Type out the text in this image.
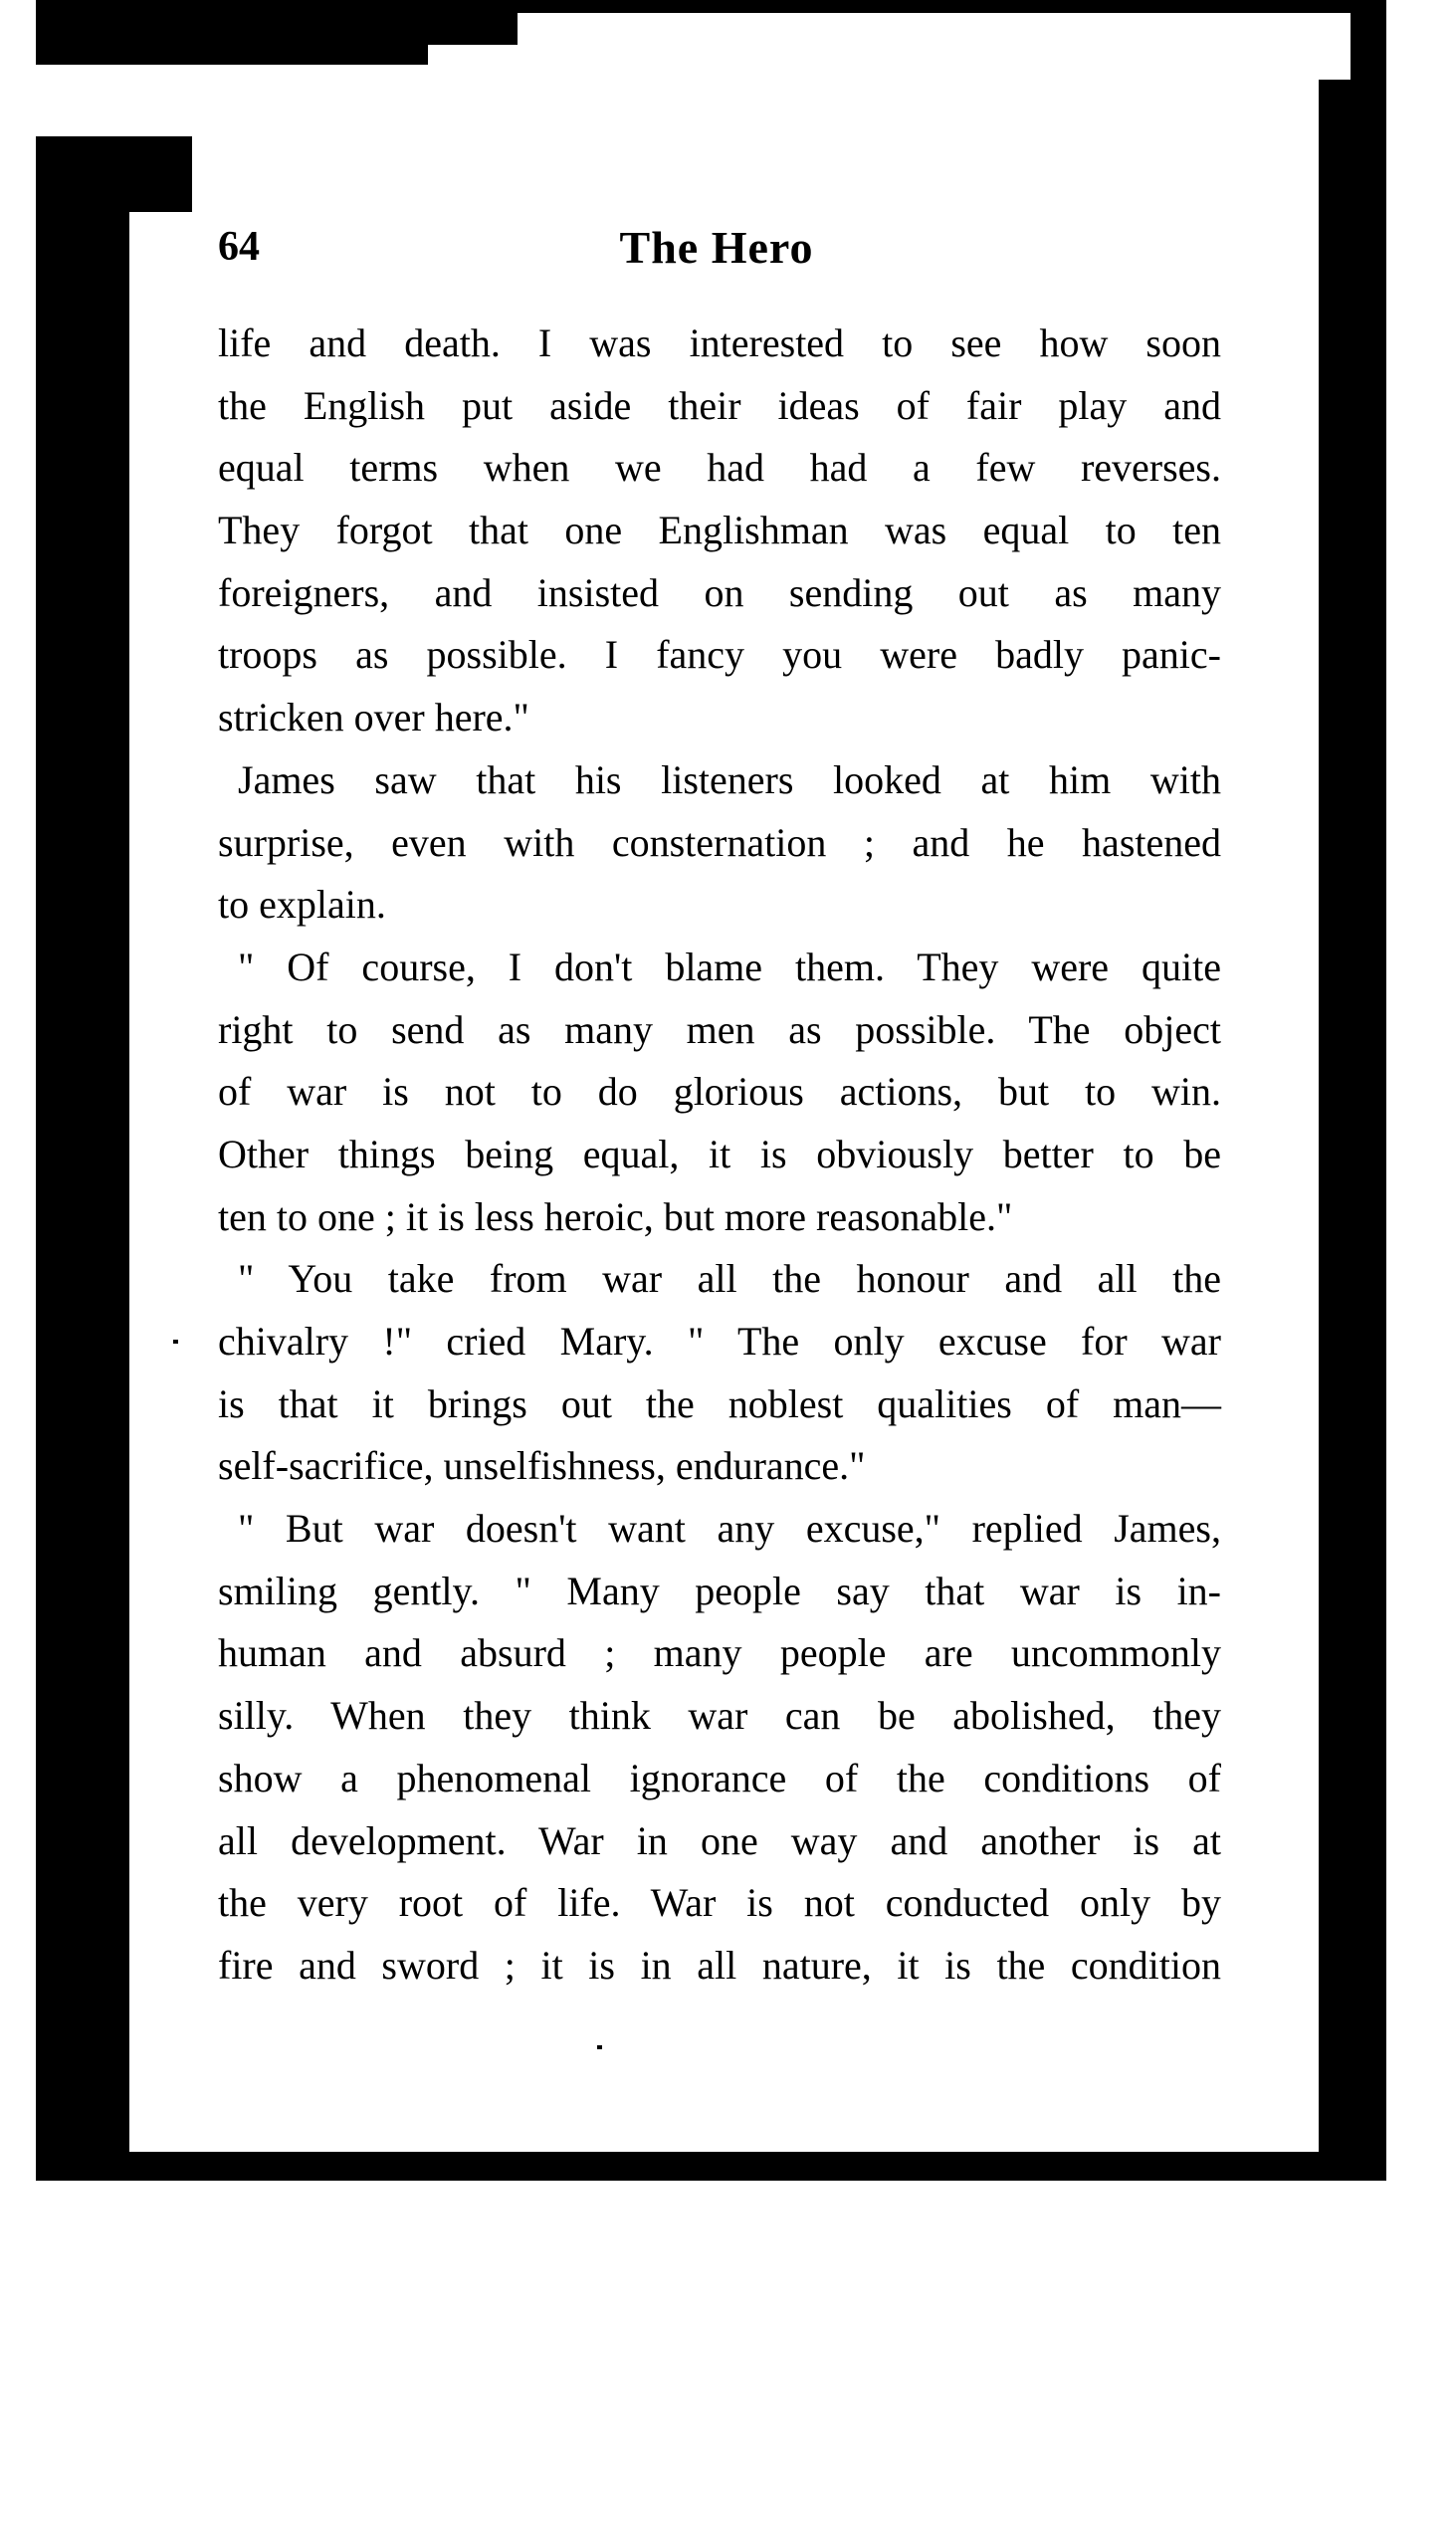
64	The Hero
life and death. I was interested to see how soon
the English put aside their ideas of fair play and
equal terms when we had had a few reverses.
They forgot that one Englishman was equal to ten
foreigners, and insisted on sending out as many
troops as possible. I fancy you were badly panic-
stricken over here."
James saw that his listeners looked at him with
surprise, even with consternation ; and he hastened
to explain.
" Of course, I don't blame them. They were quite
right to send as many men as possible. The object
of war is not to do glorious actions, but to win.
Other things being equal, it is obviously better to be
ten to one ; it is less heroic, but more reasonable."
" You take from war all the honour and all the
chivalry !" cried Mary. " The only excuse for war
is that it brings out the noblest qualities of man—
self-sacrifice, unselfishness, endurance."
" But war doesn't want any excuse," replied James,
smiling gently. " Many people say that war is in-
human and absurd ; many people are uncommonly
silly. When they think war can be abolished, they
show a phenomenal ignorance of the conditions of
all development. War in one way and another is at
the very root of life. War is not conducted only by
fire and sword ; it is in all nature, it is the condition
